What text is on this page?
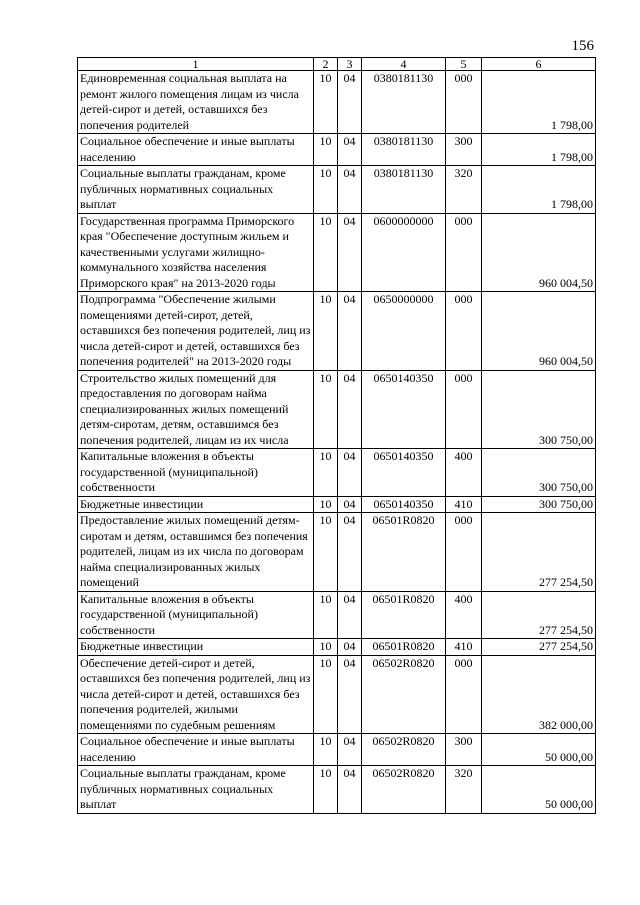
156
1	2	3	4	5	6
Единовременная социальная выплата на ремонт жилого помещения лицам из числа детей-сирот и детей, оставшихся без попечения родителей	10	04	0380181130	000	1 798,00
Социальное обеспечение и иные выплаты населению	10	04	0380181130	300	1 798,00
Социальные выплаты гражданам, кроме публичных нормативных социальных выплат	10	04	0380181130	320	1 798,00
Государственная программа Приморского края "Обеспечение доступным жильем и качественными услугами жилищно-коммунального хозяйства населения Приморского края" на 2013-2020 годы	10	04	0600000000	000	960 004,50
Подпрограмма "Обеспечение жилыми помещениями детей-сирот, детей, оставшихся без попечения родителей, лиц из числа детей-сирот и детей, оставшихся без попечения родителей" на 2013-2020 годы	10	04	0650000000	000	960 004,50
Строительство жилых помещений для предоставления по договорам найма специализированных жилых помещений детям-сиротам, детям, оставшимся без попечения родителей, лицам из их числа	10	04	0650140350	000	300 750,00
Капитальные вложения в объекты государственной (муниципальной) собственности	10	04	0650140350	400	300 750,00
Бюджетные инвестиции	10	04	0650140350	410	300 750,00
Предоставление жилых помещений детям-сиротам и детям, оставшимся без попечения родителей, лицам из их числа по договорам найма специализированных жилых помещений	10	04	06501R0820	000	277 254,50
Капитальные вложения в объекты государственной (муниципальной) собственности	10	04	06501R0820	400	277 254,50
Бюджетные инвестиции	10	04	06501R0820	410	277 254,50
Обеспечение детей-сирот и детей, оставшихся без попечения родителей, лиц из числа детей-сирот и детей, оставшихся без попечения родителей, жилыми помещениями по судебным решениям	10	04	06502R0820	000	382 000,00
Социальное обеспечение и иные выплаты населению	10	04	06502R0820	300	50 000,00
Социальные выплаты гражданам, кроме публичных нормативных социальных выплат	10	04	06502R0820	320	50 000,00
